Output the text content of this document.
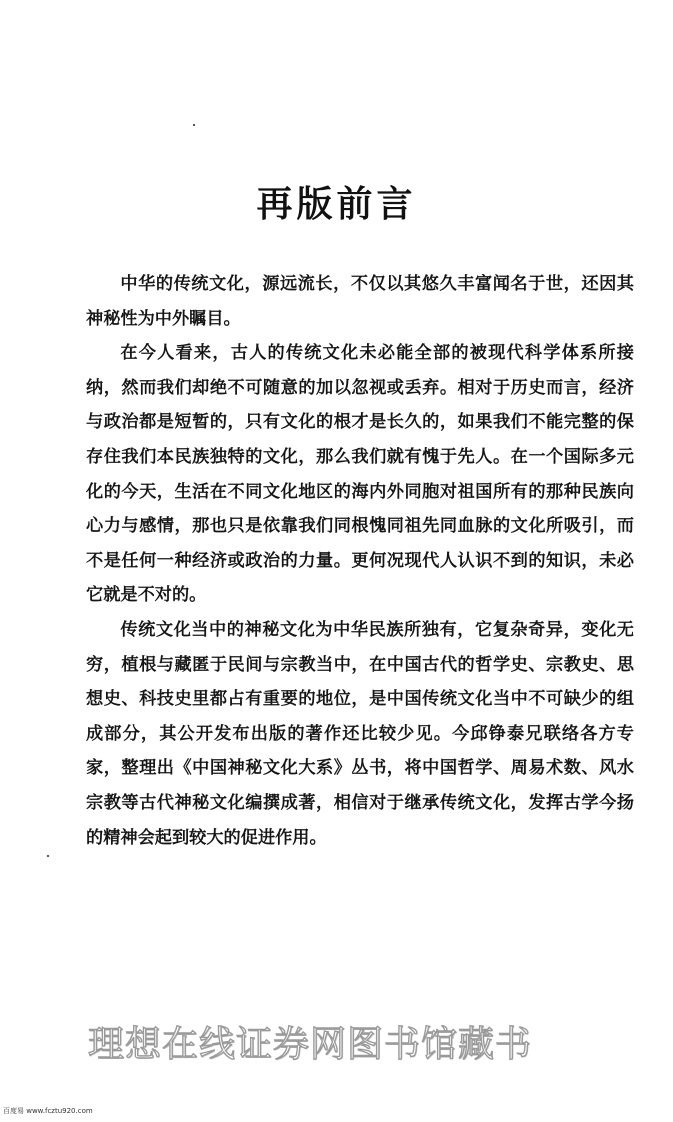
再版前言

中华的传统文化，源远流长，不仅以其悠久丰富闻名于世，还因其神秘性为中外瞩目。

在今人看来，古人的传统文化未必能全部的被现代科学体系所接纳，然而我们却绝不可随意的加以忽视或丢弃。相对于历史而言，经济与政治都是短暂的，只有文化的根才是长久的，如果我们不能完整的保存住我们本民族独特的文化，那么我们就有愧于先人。在一个国际多元化的今天，生活在不同文化地区的海内外同胞对祖国所有的那种民族向心力与感情，那也只是依靠我们同根愧同祖先同血脉的文化所吸引，而不是任何一种经济或政治的力量。更何况现代人认识不到的知识，未必它就是不对的。

传统文化当中的神秘文化为中华民族所独有，它复杂奇异，变化无穷，植根与藏匿于民间与宗教当中，在中国古代的哲学史、宗教史、思想史、科技史里都占有重要的地位，是中国传统文化当中不可缺少的组成部分，其公开发布出版的著作还比较少见。今邱铮泰兄联络各方专家，整理出《中国神秘文化大系》丛书，将中国哲学、周易术数、风水宗教等古代神秘文化编撰成著，相信对于继承传统文化，发挥古学今扬的精神会起到较大的促进作用。

理想在线证券网图书馆藏书
百度易 www.fcztu920.com
